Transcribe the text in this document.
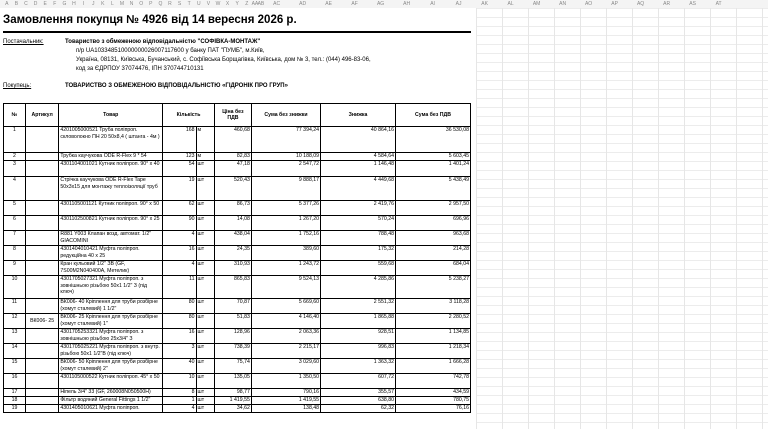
A	B	C	D	E	F	G	H	I	J	K	L	M	N	O	P	Q	R	S	T	U	V	W	X	Y	Z AA AB	AC	AD	AE	AF	AG	AH	AI	AJ	AK	AL	AM	AN	AO	AP	AQ	AR	AS	AT
Замовлення покупця № 4926 від 14 вересня 2026 р.
Постачальник:	Товариство з обмеженою відповідальністю "СОФІВКА-МОНТАЖ"
п/р UA103348510000000026007117600 у банку ПАТ "ПУМБ", м.Київ,
Україна, 08131, Київська, Бучанський, с. Софіївська Борщагівка, Київська, дом № 3, тел.: (044) 496-83-06,
код за ЄДРПОУ 37074476, ІПН 370744710131
Покупець:	ТОВАРИСТВО З ОБМЕЖЕНОЮ ВІДПОВІДАЛЬНІСТЮ «ГІДРОНІК ПРО ГРУП»
№	Артикул	Товар	Кількість		Ціна без ПДВ	Сума без знижки	Знижка	Сума без ПДВ
1		4201005000521 Труба поліпроп. скловолокно ПН 20 50х8,4 ( штанга - 4м )	168	м	460,68	77 394,24	40 864,16	36 530,08
2		Трубка каучукова ODE R-Flex 9 * 54	123	м	82,83	10 188,09	4 584,64	5 603,45
3		4301104001021 Кутник поліпроп. 90° х 40	54	шт	47,18	2 547,72	1 146,48	1 401,24
4		Стрічка каучукова ODE R-Flex Tape 50х3х15 для монтажу теплоізоляції труб	19	шт	520,43	9 888,17	4 449,68	5 438,49
5		4301105001121 Кутник поліпроп. 90° х 50	62	шт	86,73	5 377,26	2 419,76	2 957,50
6		4301102500821 Кутник поліпроп. 90° х 25	90	шт	14,08	1 267,20	570,24	696,96
7		R881 Y003 Клапан возд. автомат. 1/2" GIACOMINI	4	шт	438,04	1 752,16	788,48	963,68
8		4301404010421 Муфта поліпроп. редукційна 40 х 25	16	шт	24,35	389,60	175,32	214,28
9		Кран кульовий 1/2" ЗВ (GF, 7S00M2N040400A, Метелик)	4	шт	310,93	1 243,72	559,68	684,04
10		4301705027321 Муфта поліпроп. з зовнішньою різьбою 50х1 1/2" З (під ключ)	11	шт	865,83	9 524,13	4 285,86	5 238,27
11		ВК006- 40 Кріплення для труби розбірне (хомут сталевий) 1 1/2"	80	шт	70,87	5 669,60	2 551,32	3 118,28
12	ВК006- 25	ВК006- 25 Кріплення для труби розбірне (хомут сталевий) 1"	80	шт	51,83	4 146,40	1 865,88	2 280,52
13		4301705253321 Муфта поліпроп. з зовнішньою різьбою 25х3/4" З	16	шт	128,96	2 063,36	928,51	1 134,85
14		4301705025221 Муфта поліпроп. з внутр. різьбою 50х1 1/2"В (під ключ)	3	шт	738,39	2 215,17	996,83	1 218,34
15		ВК006- 50 Кріплення для труби розбірне (хомут сталевий) 2"	40	шт	75,74	3 029,60	1 363,32	1 666,28
16		4301105000522 Кутник поліпроп. 45° х 50	10	шт	135,05	1 350,50	607,72	742,78
17		Ніпель 3/4" 33 (GF, 260008N050500H)	8	шт	98,77	790,16	355,57	434,59
18		Фільтр водяний General Fittings 1 1/2"	1	шт	1 419,55	1 419,55	638,80	780,75
19		4301405010621 Муфта поліпроп.	4	шт	34,62	138,48	62,32	76,16
